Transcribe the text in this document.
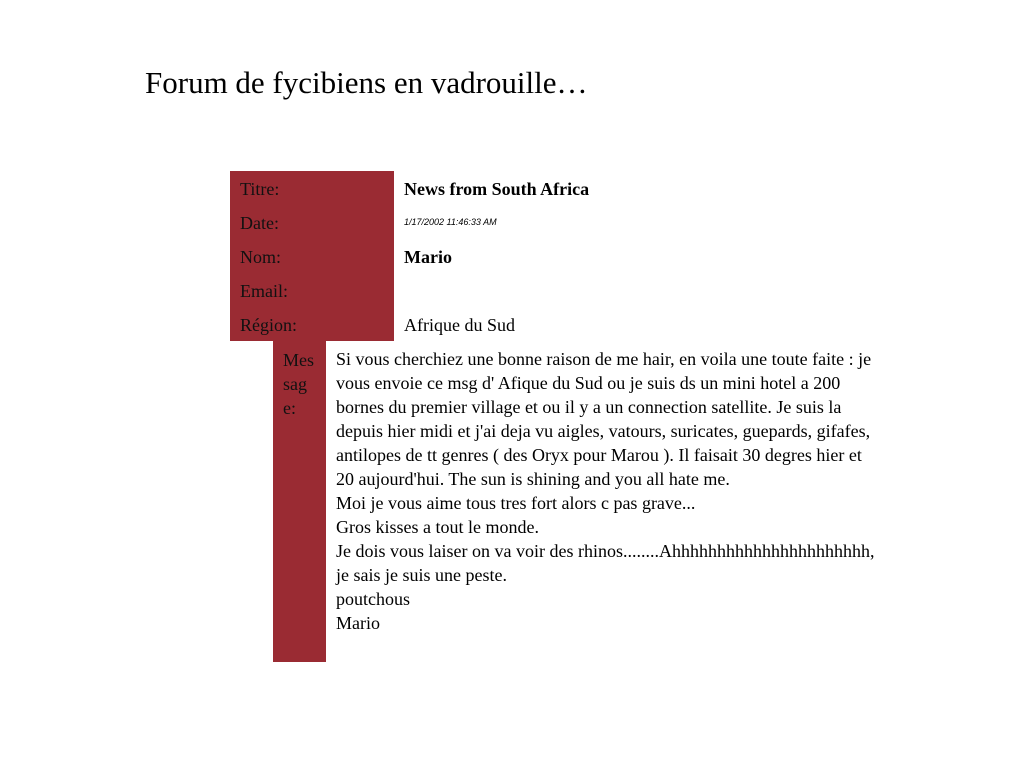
Forum de fycibiens en vadrouille…
Titre:	News from South Africa
Date:	1/17/2002 11:46:33 AM
Nom:	Mario
Email:
Région:	Afrique du Sud
Message:
Si vous cherchiez une bonne raison de me hair, en voila une toute faite : je vous envoie ce msg d' Afique du Sud ou je suis ds un mini hotel a 200 bornes du premier village et ou il y a un connection satellite. Je suis la depuis hier midi et j'ai deja vu aigles, vatours, suricates, guepards, gifafes, antilopes de tt genres ( des Oryx pour Marou ). Il faisait 30 degres hier et 20 aujourd'hui. The sun is shining and you all hate me.
Moi je vous aime tous tres fort alors c pas grave...
Gros kisses a tout le monde.
Je dois vous laiser on va voir des rhinos........Ahhhhhhhhhhhhhhhhhhhhhh, je sais je suis une peste.
poutchous
Mario
